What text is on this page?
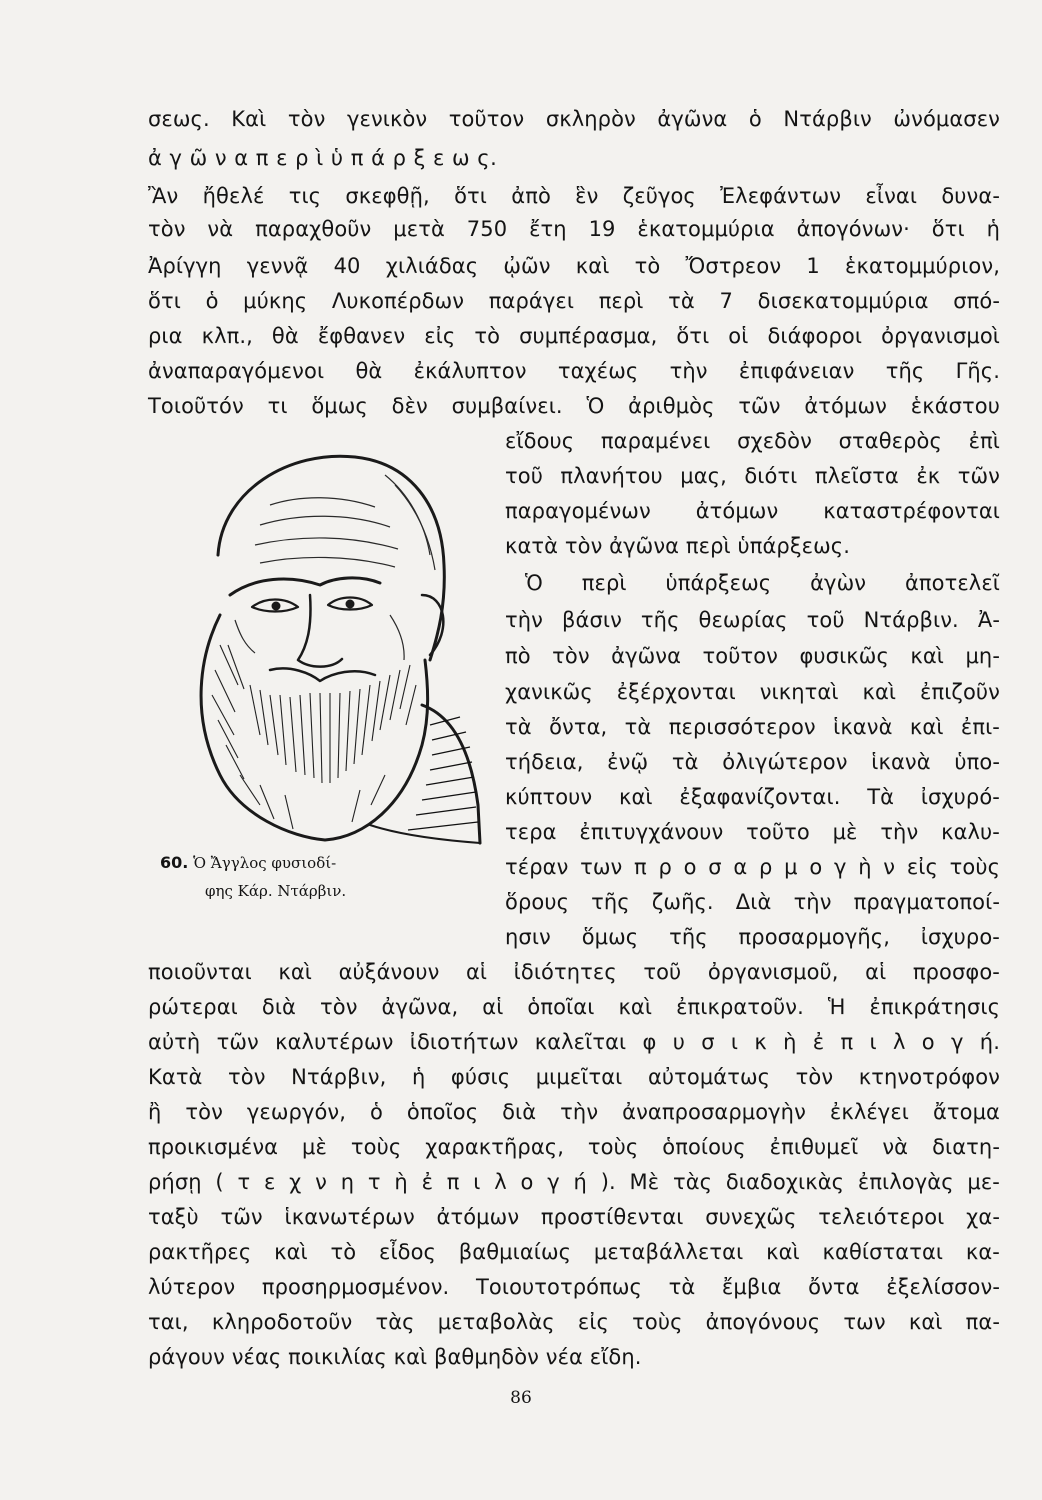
σεως. Καὶ τὸν γενικὸν τοῦτον σκληρὸν ἀγῶνα ὁ Ντάρβιν ὠνόμασεν
ἀ γ ῶ ν α π ε ρ ὶ ὑ π ά ρ ξ ε ω ς.
Ἂν ἤθελέ τις σκεφθῇ, ὅτι ἀπὸ ἓν ζεῦγος Ἐλεφάντων εἶναι δυνα-
τὸν νὰ παραχθοῦν μετὰ 750 ἔτη 19 ἑκατομμύρια ἀπογόνων· ὅτι ἡ
Ἀρίγγη γεννᾷ 40 χιλιάδας ᾠῶν καὶ τὸ Ὄστρεον 1 ἑκατομμύριον,
ὅτι ὁ μύκης Λυκοπέρδων παράγει περὶ τὰ 7 δισεκατομμύρια σπό-
ρια κλπ., θὰ ἔφθανεν εἰς τὸ συμπέρασμα, ὅτι οἱ διάφοροι ὀργανισμοὶ
ἀναπαραγόμενοι θὰ ἐκάλυπτον ταχέως τὴν ἐπιφάνειαν τῆς Γῆς.
Τοιοῦτόν τι ὅμως δὲν συμβαίνει. Ὁ ἀριθμὸς τῶν ἀτόμων ἑκάστου
εἴδους παραμένει σχεδὸν σταθερὸς ἐπὶ
τοῦ πλανήτου μας, διότι πλεῖστα ἐκ τῶν
παραγομένων ἀτόμων καταστρέφονται
κατὰ τὸν ἀγῶνα περὶ ὑπάρξεως.
Ὁ περὶ ὑπάρξεως ἀγὼν ἀποτελεῖ
τὴν βάσιν τῆς θεωρίας τοῦ Ντάρβιν. Ἀ-
πὸ τὸν ἀγῶνα τοῦτον φυσικῶς καὶ μη-
χανικῶς ἐξέρχονται νικηταὶ καὶ ἐπιζοῦν
τὰ ὄντα, τὰ περισσότερον ἱκανὰ καὶ ἐπι-
τήδεια, ἐνῷ τὰ ὀλιγώτερον ἱκανὰ ὑπο-
κύπτουν καὶ ἐξαφανίζονται. Τὰ ἰσχυρό-
τερα ἐπιτυγχάνουν τοῦτο μὲ τὴν καλυ-
τέραν των π ρ ο σ α ρ μ ο γ ὴ ν εἰς τοὺς
ὅρους τῆς ζωῆς. Διὰ τὴν πραγματοποί-
ησιν ὅμως τῆς προσαρμογῆς, ἰσχυρο-
60. Ὁ Ἄγγλος φυσιοδί-
φης Κάρ. Ντάρβιν.
ποιοῦνται καὶ αὐξάνουν αἱ ἰδιότητες τοῦ ὀργανισμοῦ, αἱ προσφο-
ρώτεραι διὰ τὸν ἀγῶνα, αἱ ὁποῖαι καὶ ἐπικρατοῦν. Ἡ ἐπικράτησις
αὐτὴ τῶν καλυτέρων ἰδιοτήτων καλεῖται φ υ σ ι κ ὴ ἐ π ι λ ο γ ή.
Κατὰ τὸν Ντάρβιν, ἡ φύσις μιμεῖται αὐτομάτως τὸν κτηνοτρόφον
ἢ τὸν γεωργόν, ὁ ὁποῖος διὰ τὴν ἀναπροσαρμογὴν ἐκλέγει ἄτομα
προικισμένα μὲ τοὺς χαρακτῆρας, τοὺς ὁποίους ἐπιθυμεῖ νὰ διατη-
ρήσῃ ( τ ε χ ν η τ ὴ ἐ π ι λ ο γ ή ). Μὲ τὰς διαδοχικὰς ἐπιλογὰς με-
ταξὺ τῶν ἱκανωτέρων ἀτόμων προστίθενται συνεχῶς τελειότεροι χα-
ρακτῆρες καὶ τὸ εἶδος βαθμιαίως μεταβάλλεται καὶ καθίσταται κα-
λύτερον προσηρμοσμένον. Τοιουτοτρόπως τὰ ἔμβια ὄντα ἐξελίσσον-
ται, κληροδοτοῦν τὰς μεταβολὰς εἰς τοὺς ἀπογόνους των καὶ πα-
ράγουν νέας ποικιλίας καὶ βαθμηδὸν νέα εἴδη.
86
